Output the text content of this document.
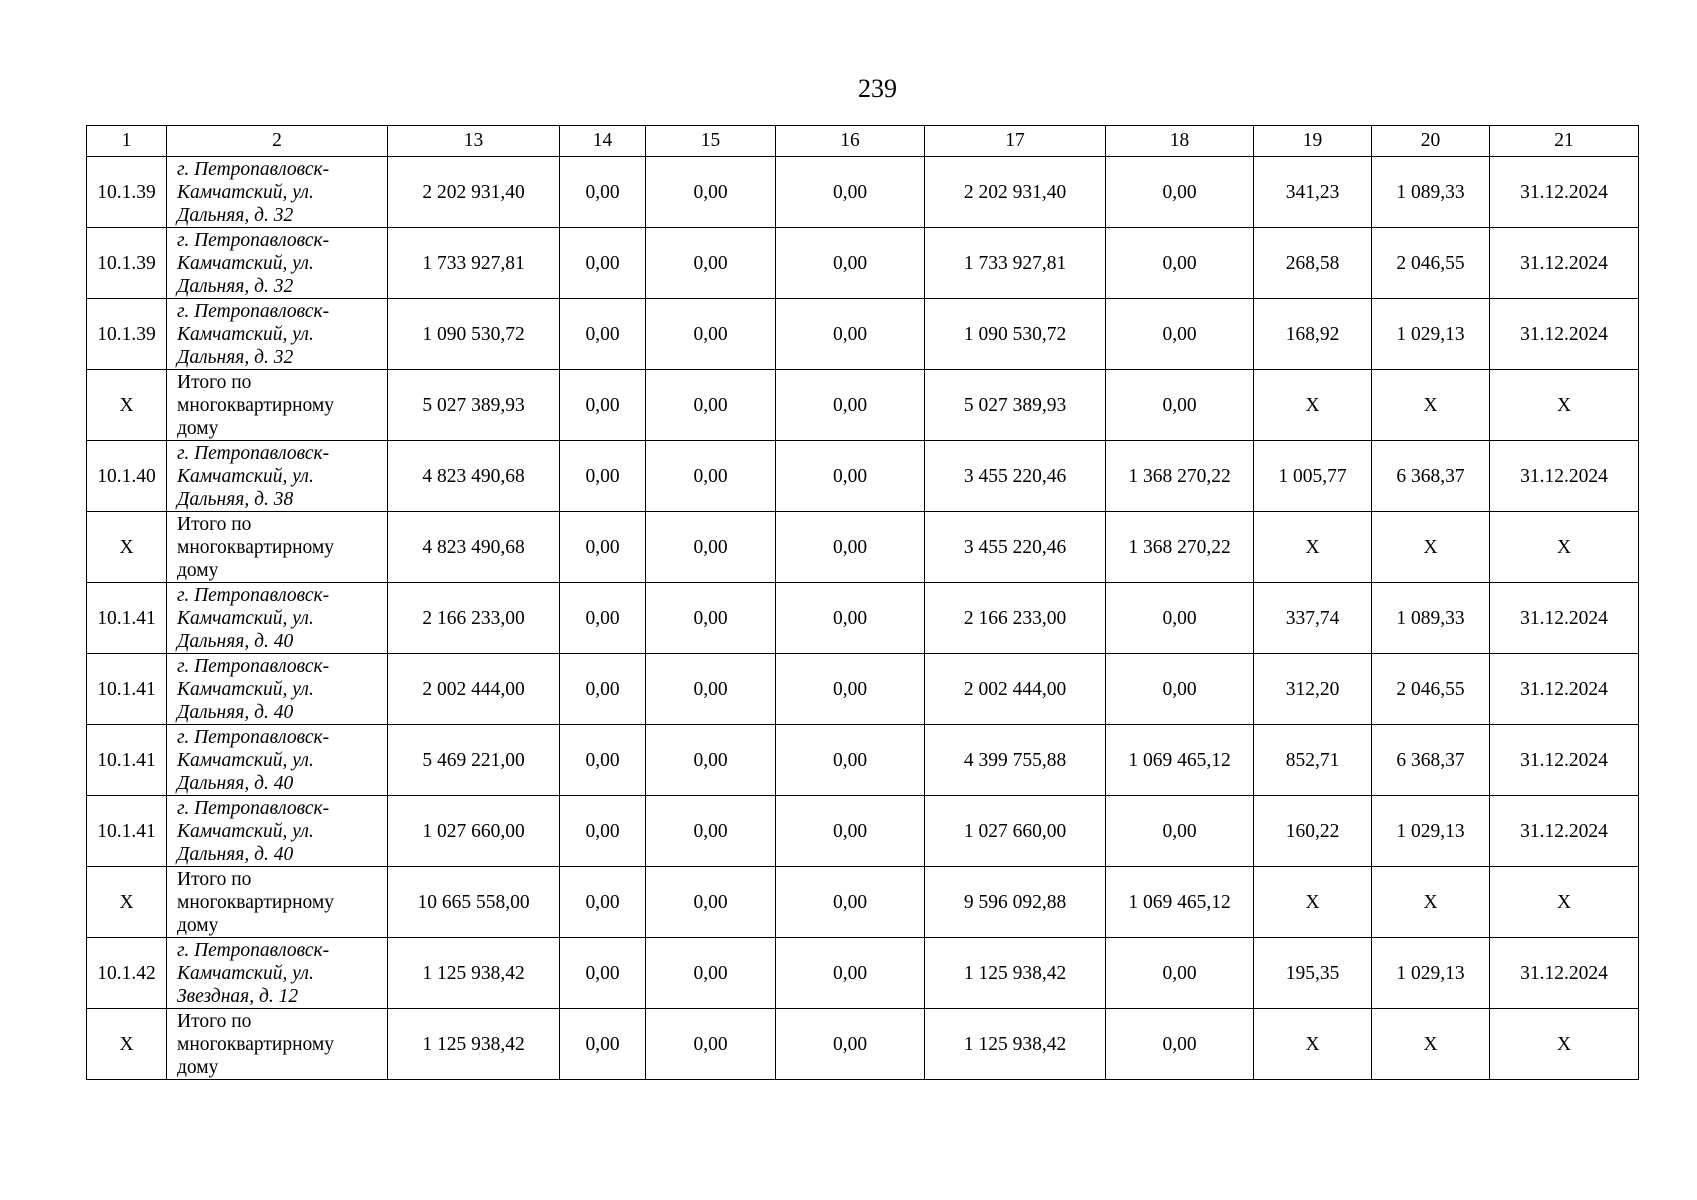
239
1	2	13	14	15	16	17	18	19	20	21
10.1.39	г. Петропавловск-
Камчатский, ул.
Дальняя, д. 32	2 202 931,40	0,00	0,00	0,00	2 202 931,40	0,00	341,23	1 089,33	31.12.2024
10.1.39	г. Петропавловск-
Камчатский, ул.
Дальняя, д. 32	1 733 927,81	0,00	0,00	0,00	1 733 927,81	0,00	268,58	2 046,55	31.12.2024
10.1.39	г. Петропавловск-
Камчатский, ул.
Дальняя, д. 32	1 090 530,72	0,00	0,00	0,00	1 090 530,72	0,00	168,92	1 029,13	31.12.2024
X	Итого по
многоквартирному
дому	5 027 389,93	0,00	0,00	0,00	5 027 389,93	0,00	X	X	X
10.1.40	г. Петропавловск-
Камчатский, ул.
Дальняя, д. 38	4 823 490,68	0,00	0,00	0,00	3 455 220,46	1 368 270,22	1 005,77	6 368,37	31.12.2024
X	Итого по
многоквартирному
дому	4 823 490,68	0,00	0,00	0,00	3 455 220,46	1 368 270,22	X	X	X
10.1.41	г. Петропавловск-
Камчатский, ул.
Дальняя, д. 40	2 166 233,00	0,00	0,00	0,00	2 166 233,00	0,00	337,74	1 089,33	31.12.2024
10.1.41	г. Петропавловск-
Камчатский, ул.
Дальняя, д. 40	2 002 444,00	0,00	0,00	0,00	2 002 444,00	0,00	312,20	2 046,55	31.12.2024
10.1.41	г. Петропавловск-
Камчатский, ул.
Дальняя, д. 40	5 469 221,00	0,00	0,00	0,00	4 399 755,88	1 069 465,12	852,71	6 368,37	31.12.2024
10.1.41	г. Петропавловск-
Камчатский, ул.
Дальняя, д. 40	1 027 660,00	0,00	0,00	0,00	1 027 660,00	0,00	160,22	1 029,13	31.12.2024
X	Итого по
многоквартирному
дому	10 665 558,00	0,00	0,00	0,00	9 596 092,88	1 069 465,12	X	X	X
10.1.42	г. Петропавловск-
Камчатский, ул.
Звездная, д. 12	1 125 938,42	0,00	0,00	0,00	1 125 938,42	0,00	195,35	1 029,13	31.12.2024
X	Итого по
многоквартирному
дому	1 125 938,42	0,00	0,00	0,00	1 125 938,42	0,00	X	X	X
